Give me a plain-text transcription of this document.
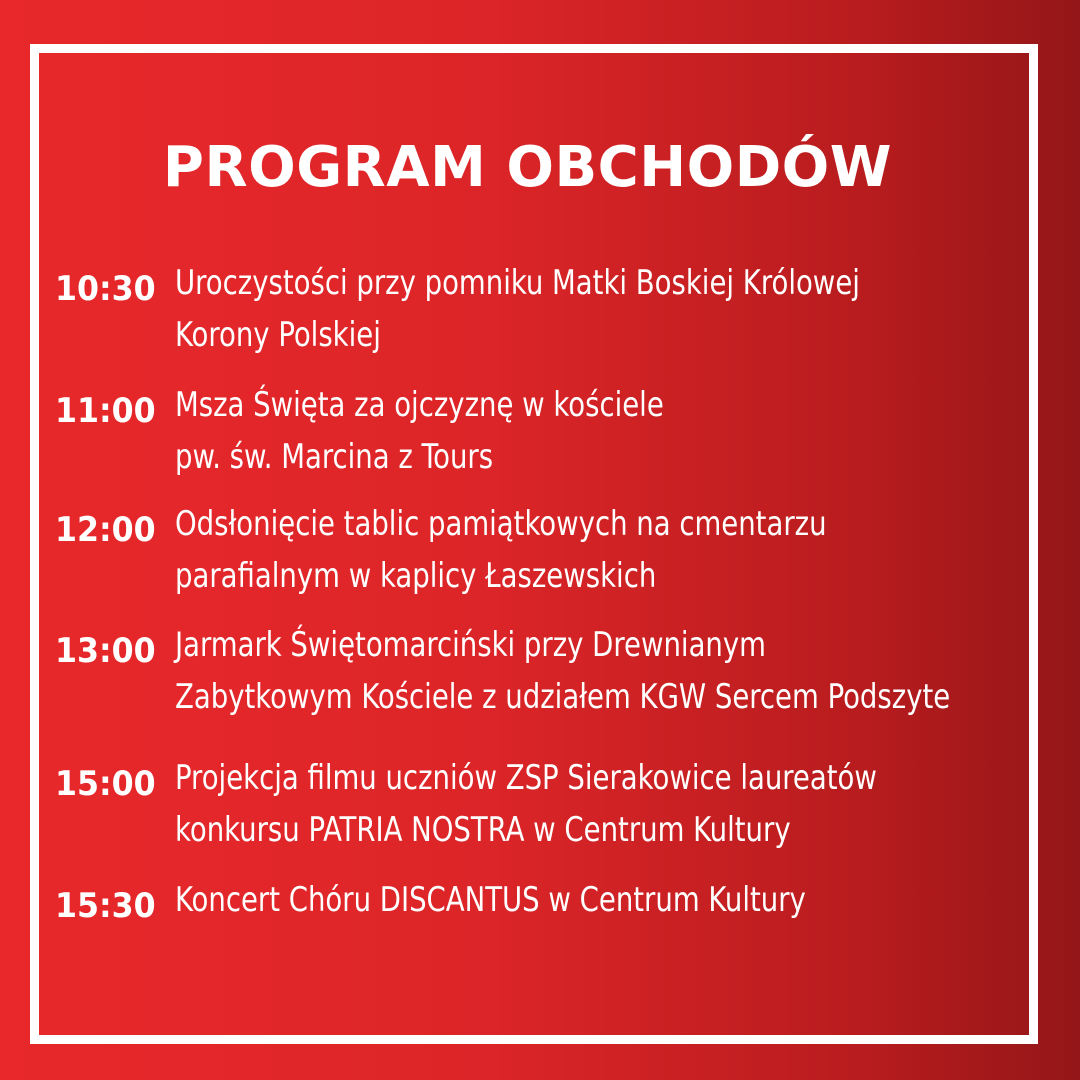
PROGRAM OBCHODÓW
10:30 Uroczystości przy pomniku Matki Boskiej Królowej
Korony Polskiej
11:00 Msza Święta za ojczyznę w kościele
pw. św. Marcina z Tours
12:00 Odsłonięcie tablic pamiątkowych na cmentarzu
parafialnym w kaplicy Łaszewskich
13:00 Jarmark Świętomarciński przy Drewnianym
Zabytkowym Kościele z udziałem KGW Sercem Podszyte
15:00 Projekcja filmu uczniów ZSP Sierakowice laureatów
konkursu PATRIA NOSTRA w Centrum Kultury
15:30 Koncert Chóru DISCANTUS w Centrum Kultury
